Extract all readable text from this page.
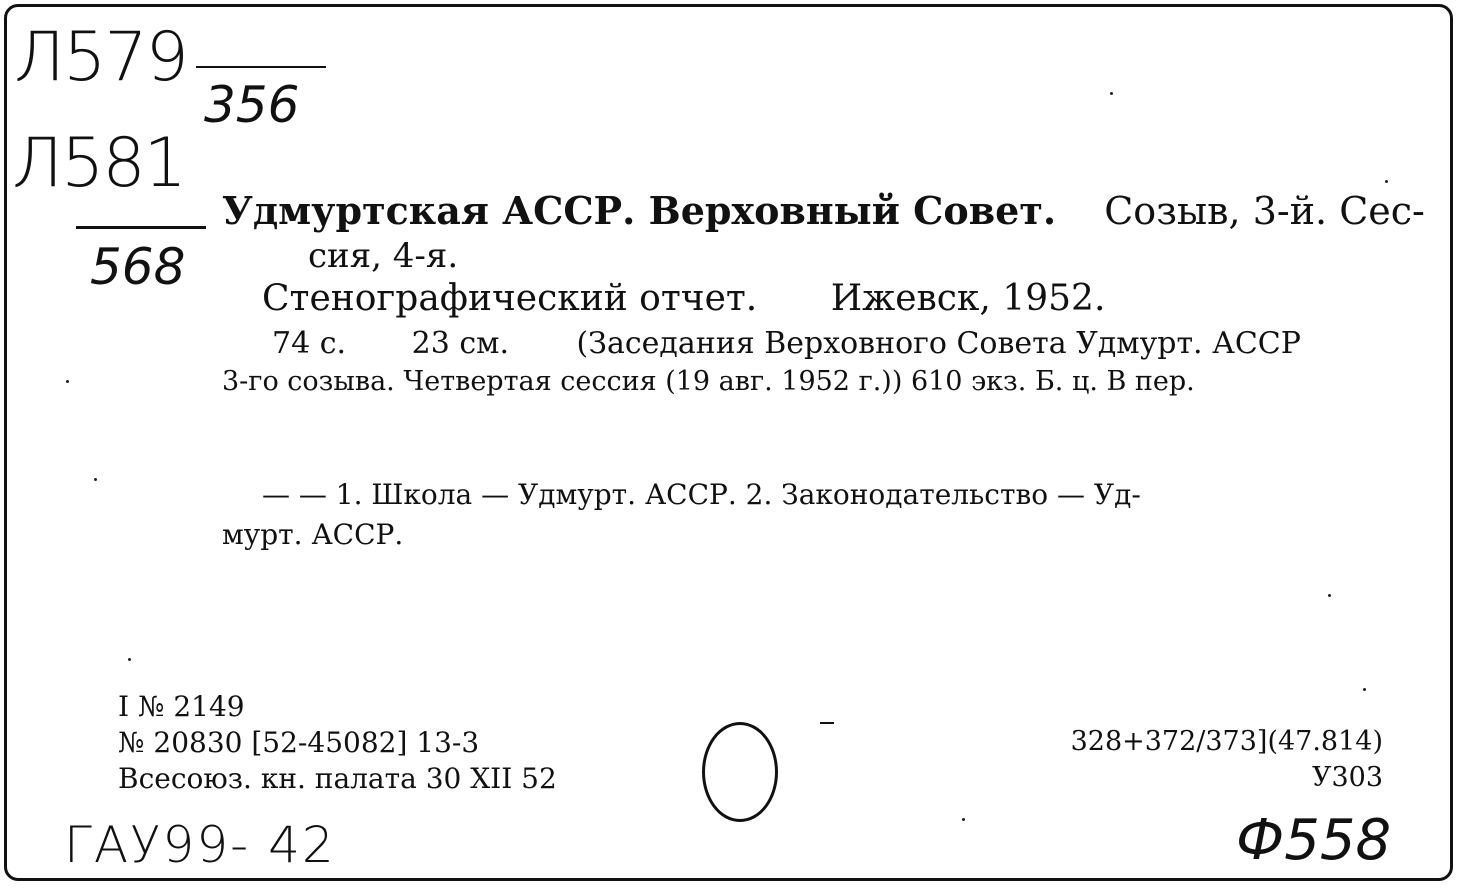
Л579
356
Л581
568
Удмуртская АССР. Верховный Совет. Созыв, 3-й. Сес-
сия, 4-я.
Стенографический отчет. Ижевск, 1952.
74 с. 23 см. (Заседания Верховного Совета Удмурт. АССР
3-го созыва. Четвертая сессия (19 авг. 1952 г.)) 610 экз. Б. ц. В пер.
— — 1. Школа — Удмурт. АССР. 2. Законодательство — Уд-
мурт. АССР.
I № 2149
№ 20830 [52-45082] 13-3
Всесоюз. кн. палата 30 XII 52
328+372/373](47.814)
У303
ГАУ99- 42	Ф558
